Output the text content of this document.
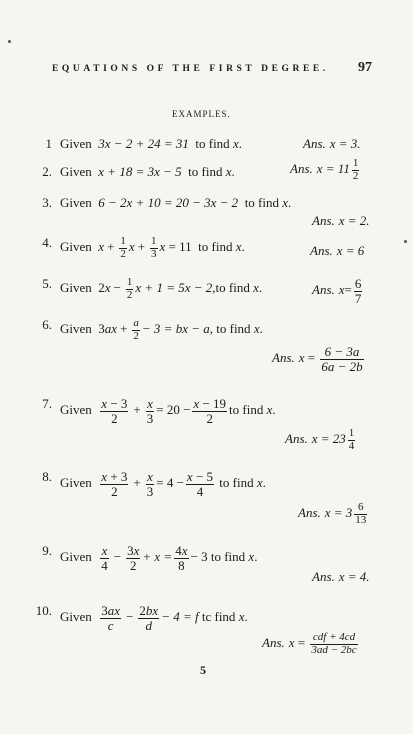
EQUATIONS OF THE FIRST DEGREE. 97
EXAMPLES.
1 Given 3x − 2 + 24 = 31 to find x.	Ans. x = 3.
2. Given x + 18 = 3x − 5 to find x.	Ans. $x = 11 \frac{1}{2}$
3. Given 6 − 2x + 10 = 20 − 3x − 2 to find x.
Ans. x = 2.
4. Given $x + \frac{1}{2}$ $x + \frac{1}{3}$ x = 11  to find x.	Ans. x = 6
5. Given  $2x - \frac{1}{2}$ x + 1 = 5x − 2,to find x.	Ans. $x= \frac{6}{7}$
6. Given  $3ax + \frac{a}{2} - 3$ = bx − a, to find x.
Ans. $x = \frac{6 - 3a}{6a - 2b}$
7. Given $\frac{x - 3}{2} + \frac{x}{3} = 20 - \frac{x - 19}{2}$ to find x.
Ans. $x = 23 \frac{1}{4}$
8. Given $\frac{x + 3}{2} + \frac{x}{3} = 4 - \frac{x - 5}{4}$ to find x.
Ans. $x = 3 \frac{6}{13}$
9. Given $\frac{x}{4} - \frac{3x}{2} + x = \frac{4x}{8} - 3$ to find x.
Ans. x = 4.
10. Given $\frac{3ax}{c} - \frac{2bx}{d} - 4 = f$ tc find x.
Ans. x = cdf + 4cd
3ad − 2bc
5
